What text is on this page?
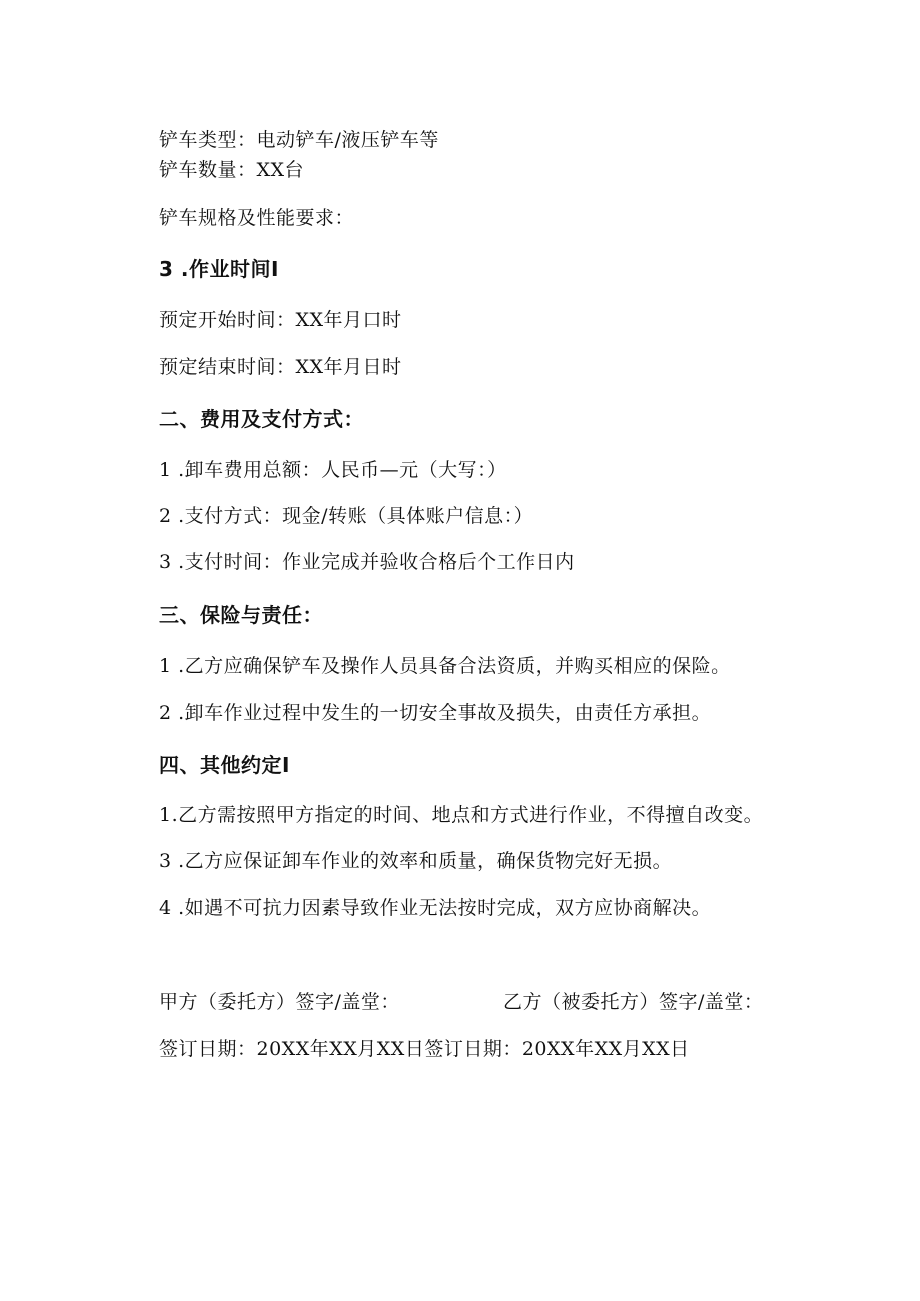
铲车类型：电动铲车/液压铲车等
铲车数量：XX台
铲车规格及性能要求：
3 .作业时间I
预定开始时间：XX年月口时
预定结束时间：XX年月日时
二、费用及支付方式：
1 .卸车费用总额：人民币—元（大写：）
2 .支付方式：现金/转账（具体账户信息：）
3 .支付时间：作业完成并验收合格后个工作日内
三、保险与责任：
1 .乙方应确保铲车及操作人员具备合法资质，并购买相应的保险。
2 .卸车作业过程中发生的一切安全事故及损失，由责任方承担。
四、其他约定I
1.乙方需按照甲方指定的时间、地点和方式进行作业，不得擅自改变。
3 .乙方应保证卸车作业的效率和质量，确保货物完好无损。
4 .如遇不可抗力因素导致作业无法按时完成，双方应协商解决。
甲方（委托方）签字/盖堂：	乙方（被委托方）签字/盖堂：
签订日期：20XX年XX月XX日签订日期：20XX年XX月XX日
